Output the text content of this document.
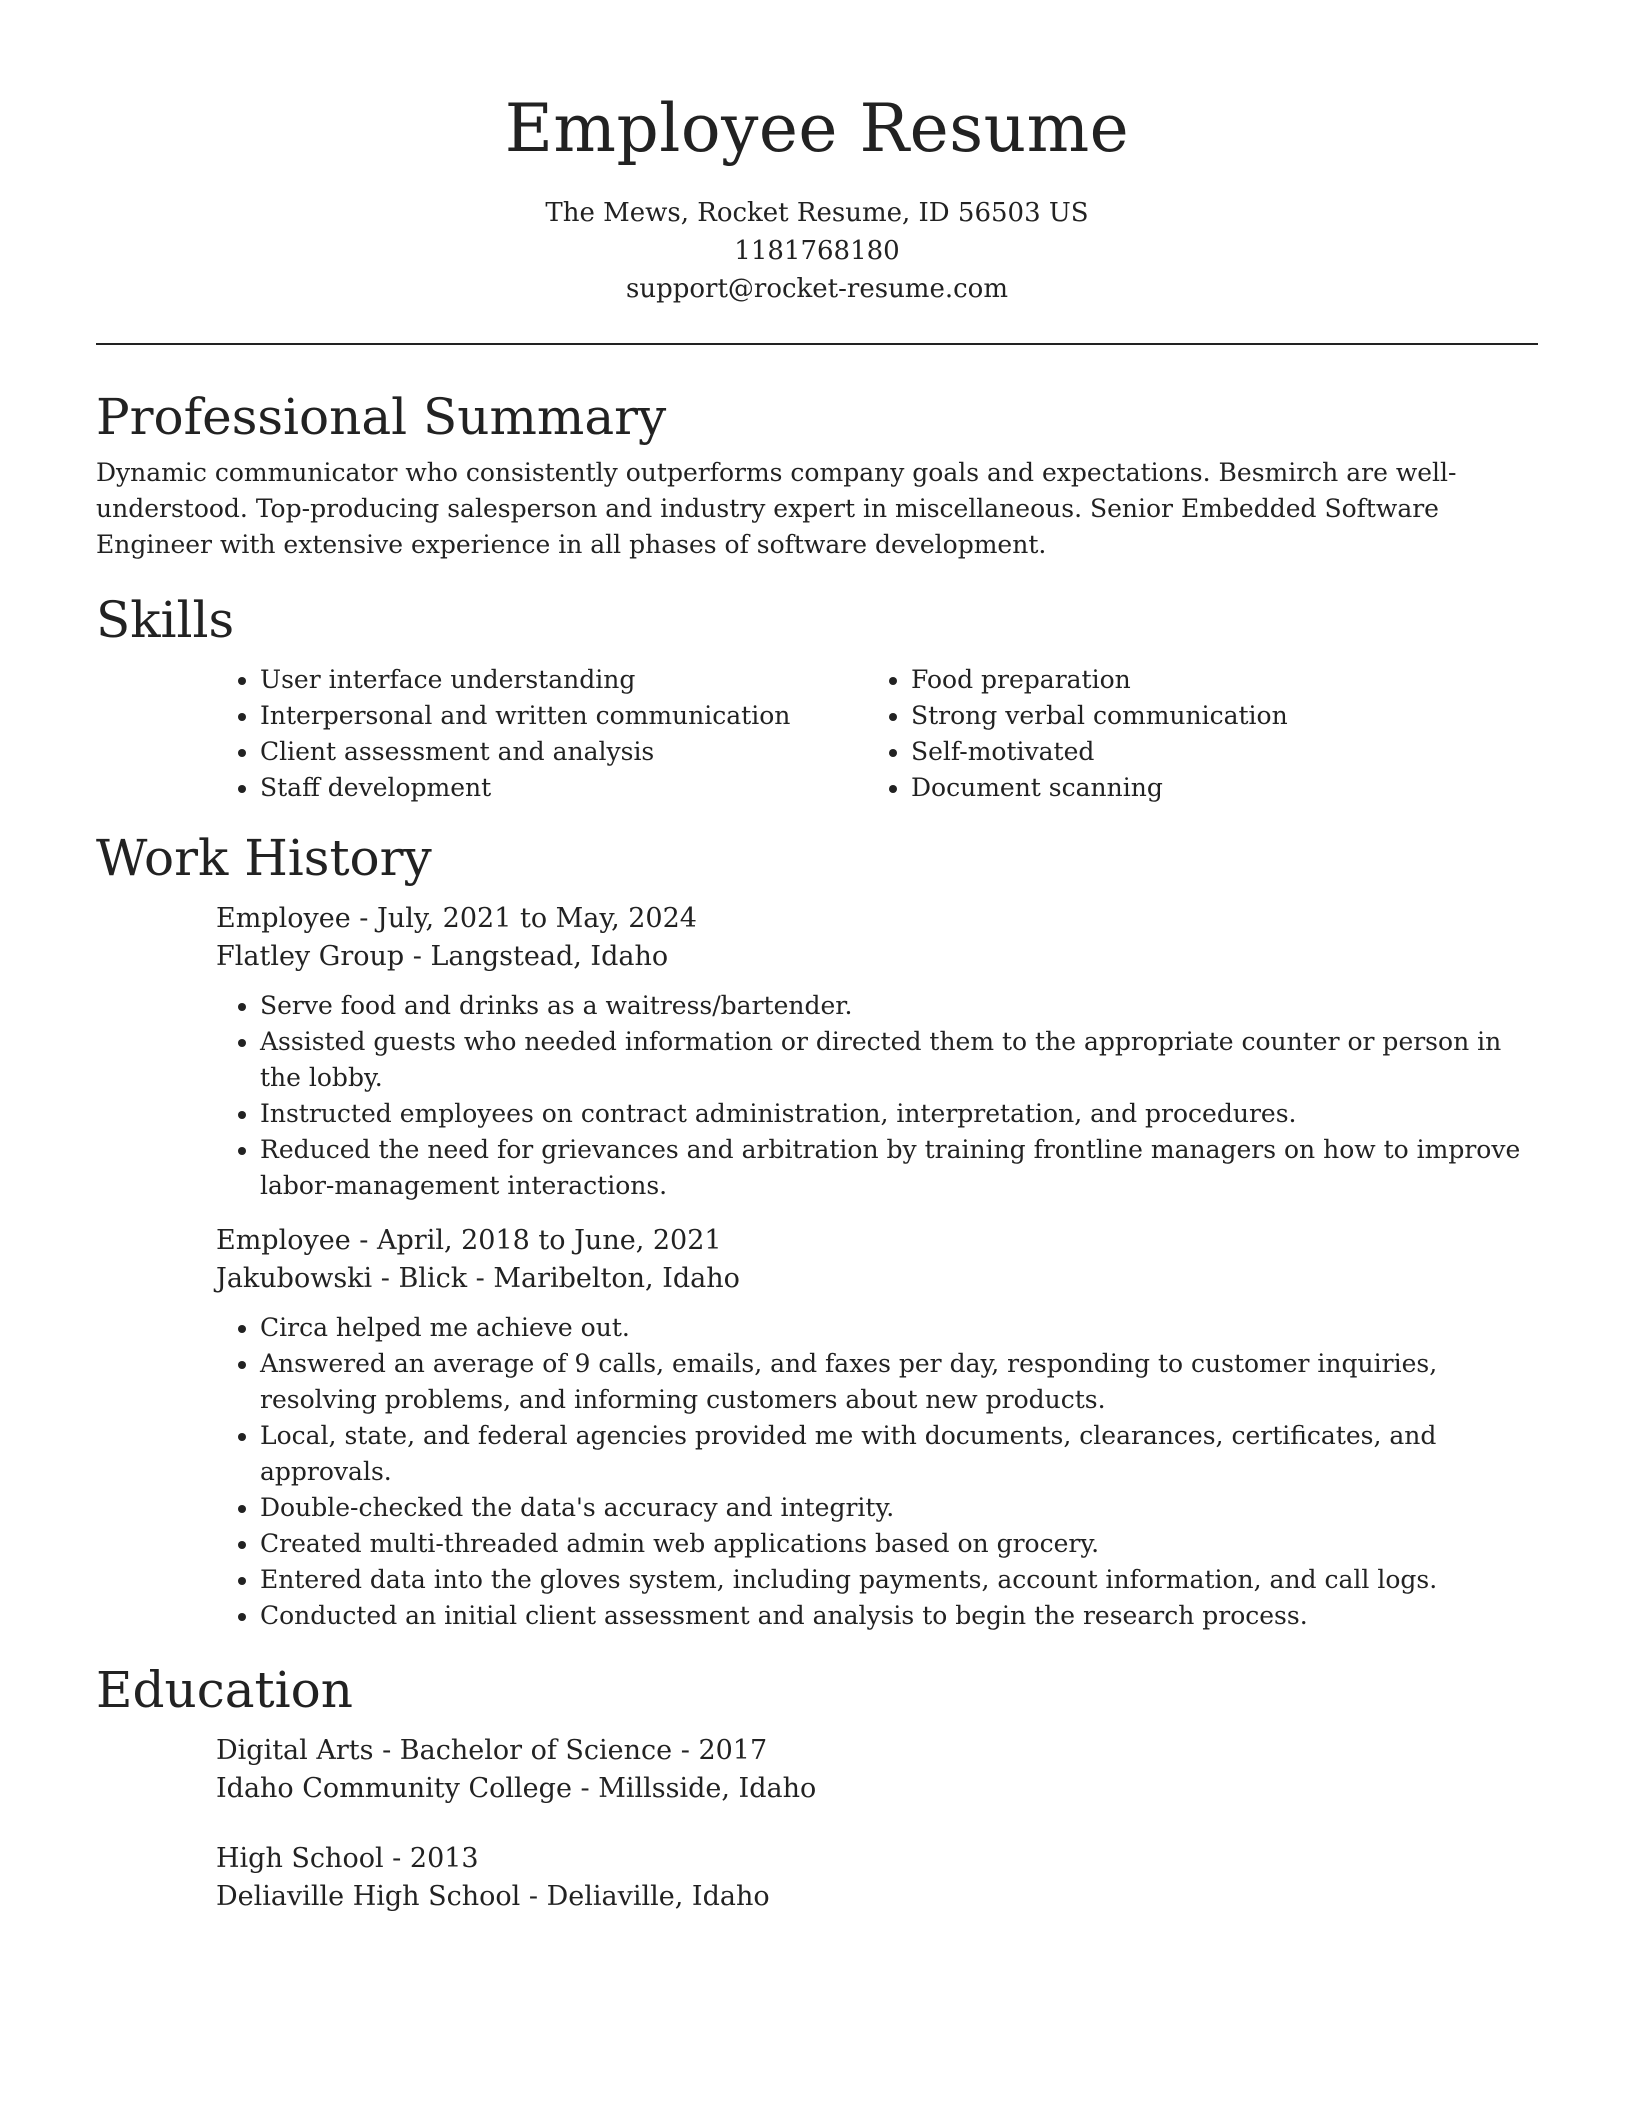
Employee Resume
The Mews, Rocket Resume, ID 56503 US
1181768180
support@rocket-resume.com
Professional Summary

Dynamic communicator who consistently outperforms company goals and expectations. Besmirch are well-understood. Top-producing salesperson and industry expert in miscellaneous. Senior Embedded Software Engineer with extensive experience in all phases of software development.

Skills
• User interface understanding
• Interpersonal and written communication
• Client assessment and analysis
• Staff development
• Food preparation
• Strong verbal communication
• Self-motivated
• Document scanning
Work History
Employee - July, 2021 to May, 2024
Flatley Group - Langstead, Idaho
• Serve food and drinks as a waitress/bartender.
• Assisted guests who needed information or directed them to the appropriate counter or person in the lobby.
• Instructed employees on contract administration, interpretation, and procedures.
• Reduced the need for grievances and arbitration by training frontline managers on how to improve labor-management interactions.
Employee - April, 2018 to June, 2021
Jakubowski - Blick - Maribelton, Idaho
• Circa helped me achieve out.
• Answered an average of 9 calls, emails, and faxes per day, responding to customer inquiries, resolving problems, and informing customers about new products.
• Local, state, and federal agencies provided me with documents, clearances, certificates, and approvals.
• Double-checked the data's accuracy and integrity.
• Created multi-threaded admin web applications based on grocery.
• Entered data into the gloves system, including payments, account information, and call logs.
• Conducted an initial client assessment and analysis to begin the research process.
Education
Digital Arts - Bachelor of Science - 2017
Idaho Community College - Millsside, Idaho
High School - 2013
Deliaville High School - Deliaville, Idaho
